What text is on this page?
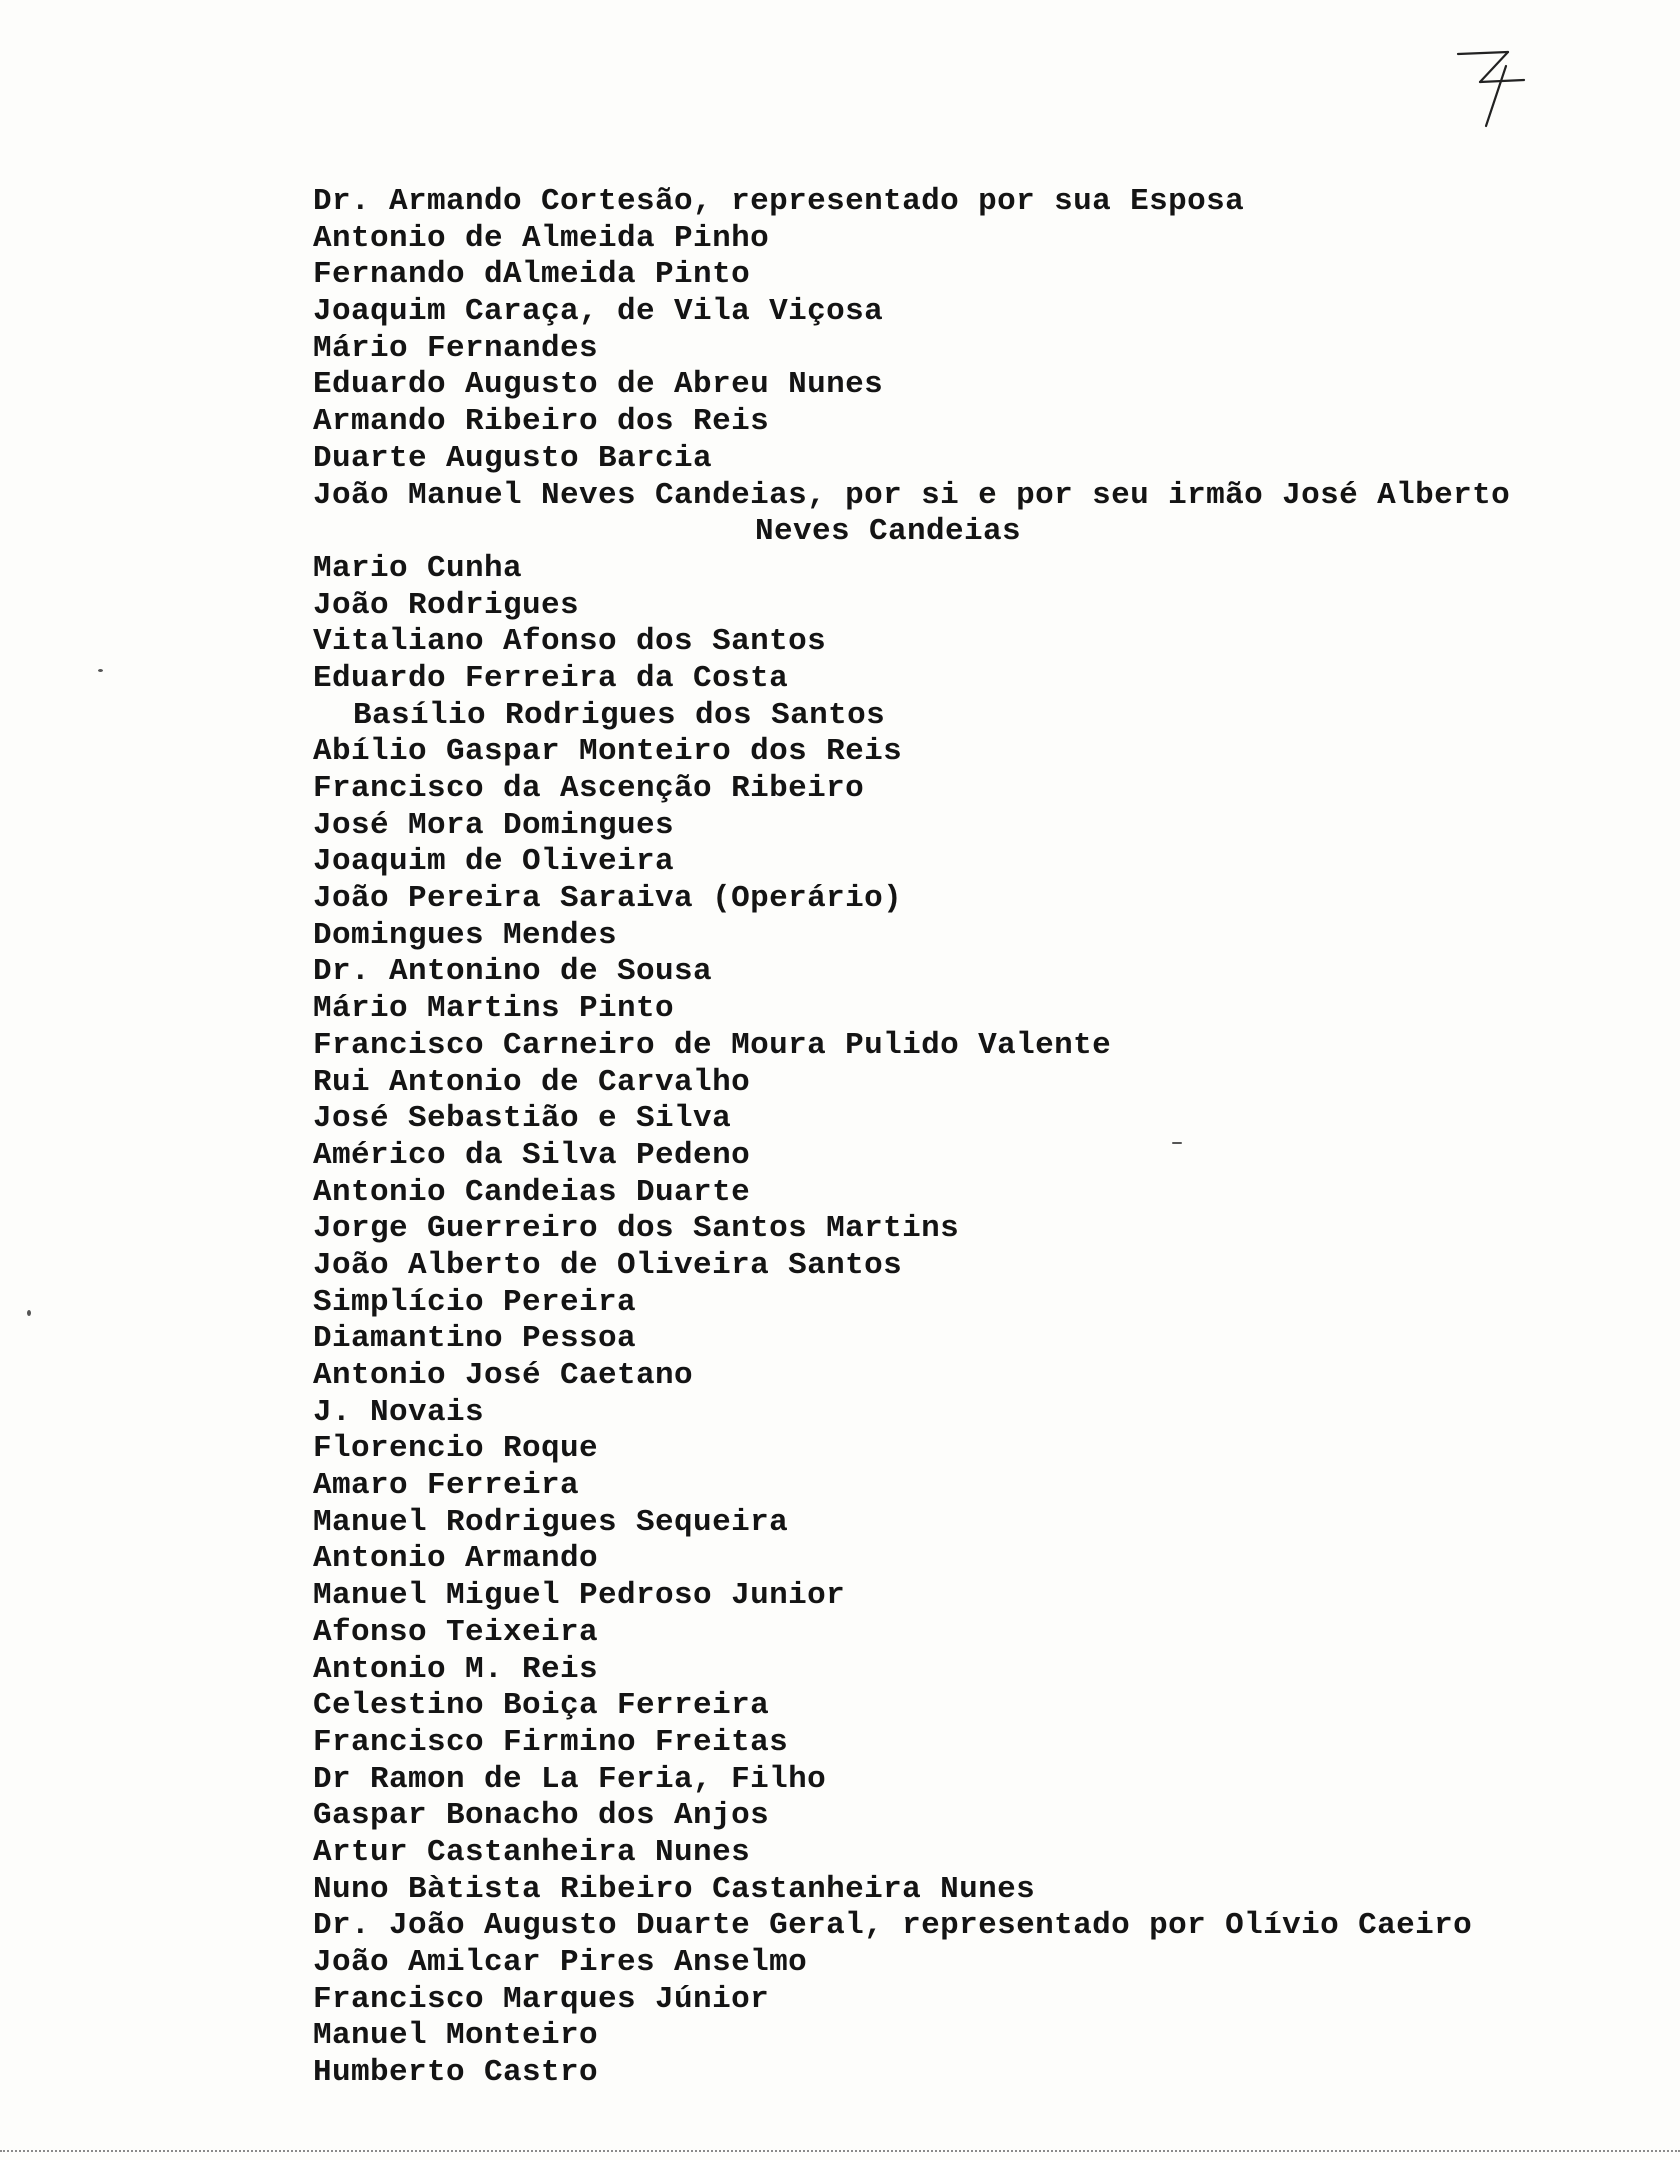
Dr. Armando Cortesão, representado por sua Esposa
Antonio de Almeida Pinho
Fernando dAlmeida Pinto
Joaquim Caraça, de Vila Viçosa
Mário Fernandes
Eduardo Augusto de Abreu Nunes
Armando Ribeiro dos Reis
Duarte Augusto Barcia
João Manuel Neves Candeias, por si e por seu irmão José Alberto
Neves Candeias
Mario Cunha
João Rodrigues
Vitaliano Afonso dos Santos
Eduardo Ferreira da Costa
Basílio Rodrigues dos Santos
Abílio Gaspar Monteiro dos Reis
Francisco da Ascenção Ribeiro
José Mora Domingues
Joaquim de Oliveira
João Pereira Saraiva (Operário)
Domingues Mendes
Dr. Antonino de Sousa
Mário Martins Pinto
Francisco Carneiro de Moura Pulido Valente
Rui Antonio de Carvalho
José Sebastião e Silva
Américo da Silva Pedeno
Antonio Candeias Duarte
Jorge Guerreiro dos Santos Martins
João Alberto de Oliveira Santos
Simplício Pereira
Diamantino Pessoa
Antonio José Caetano
J. Novais
Florencio Roque
Amaro Ferreira
Manuel Rodrigues Sequeira
Antonio Armando
Manuel Miguel Pedroso Junior
Afonso Teixeira
Antonio M. Reis
Celestino Boiça Ferreira
Francisco Firmino Freitas
Dr Ramon de La Feria, Filho
Gaspar Bonacho dos Anjos
Artur Castanheira Nunes
Nuno Bàtista Ribeiro Castanheira Nunes
Dr. João Augusto Duarte Geral, representado por Olívio Caeiro
João Amilcar Pires Anselmo
Francisco Marques Júnior
Manuel Monteiro
Humberto Castro
